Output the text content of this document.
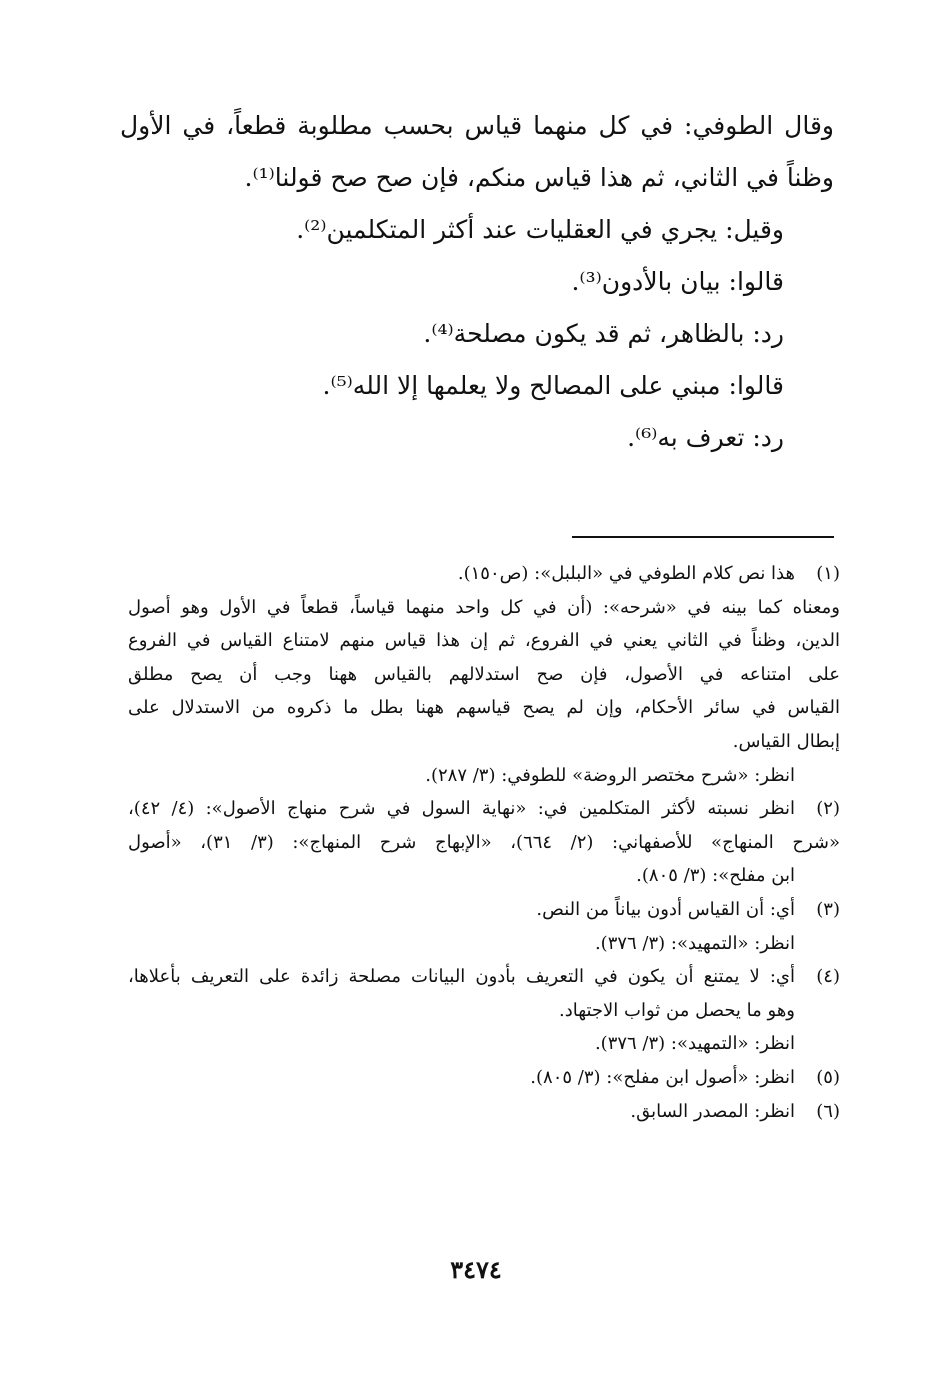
وقال الطوفي: في كل منهما قياس بحسب مطلوبة قطعاً، في الأول
وظناً في الثاني، ثم هذا قياس منكم، فإن صح صح قولنا⁽¹⁾.
وقيل: يجري في العقليات عند أكثر المتكلمين⁽²⁾.
قالوا: بيان بالأدون⁽³⁾.
رد: بالظاهر، ثم قد يكون مصلحة⁽⁴⁾.
قالوا: مبني على المصالح ولا يعلمها إلا الله⁽⁵⁾.
رد: تعرف به⁽⁶⁾.
(١)
هذا نص كلام الطوفي في «البلبل»: (ص١٥٠).
ومعناه كما بينه في «شرحه»: (أن في كل واحد منهما قياساً، قطعاً في الأول وهو أصول
الدين، وظناً في الثاني يعني في الفروع، ثم إن هذا قياس منهم لامتناع القياس في الفروع
على امتناعه في الأصول، فإن صح استدلالهم بالقياس ههنا وجب أن يصح مطلق
القياس في سائر الأحكام، وإن لم يصح قياسهم ههنا بطل ما ذكروه من الاستدلال على
إبطال القياس.
انظر: «شرح مختصر الروضة» للطوفي: (٣/ ٢٨٧).
(٢)
انظر نسبته لأكثر المتكلمين في: «نهاية السول في شرح منهاج الأصول»: (٤/ ٤٢)،
«شرح المنهاج» للأصفهاني: (٢/ ٦٦٤)، «الإبهاج شرح المنهاج»: (٣/ ٣١)، «أصول
ابن مفلح»: (٣/ ٨٠٥).
(٣)
أي: أن القياس أدون بياناً من النص.
انظر: «التمهيد»: (٣/ ٣٧٦).
(٤)
أي: لا يمتنع أن يكون في التعريف بأدون البيانات مصلحة زائدة على التعريف بأعلاها،
وهو ما يحصل من ثواب الاجتهاد.
انظر: «التمهيد»: (٣/ ٣٧٦).
(٥)
انظر: «أصول ابن مفلح»: (٣/ ٨٠٥).
(٦)
انظر: المصدر السابق.
٣٤٧٤
